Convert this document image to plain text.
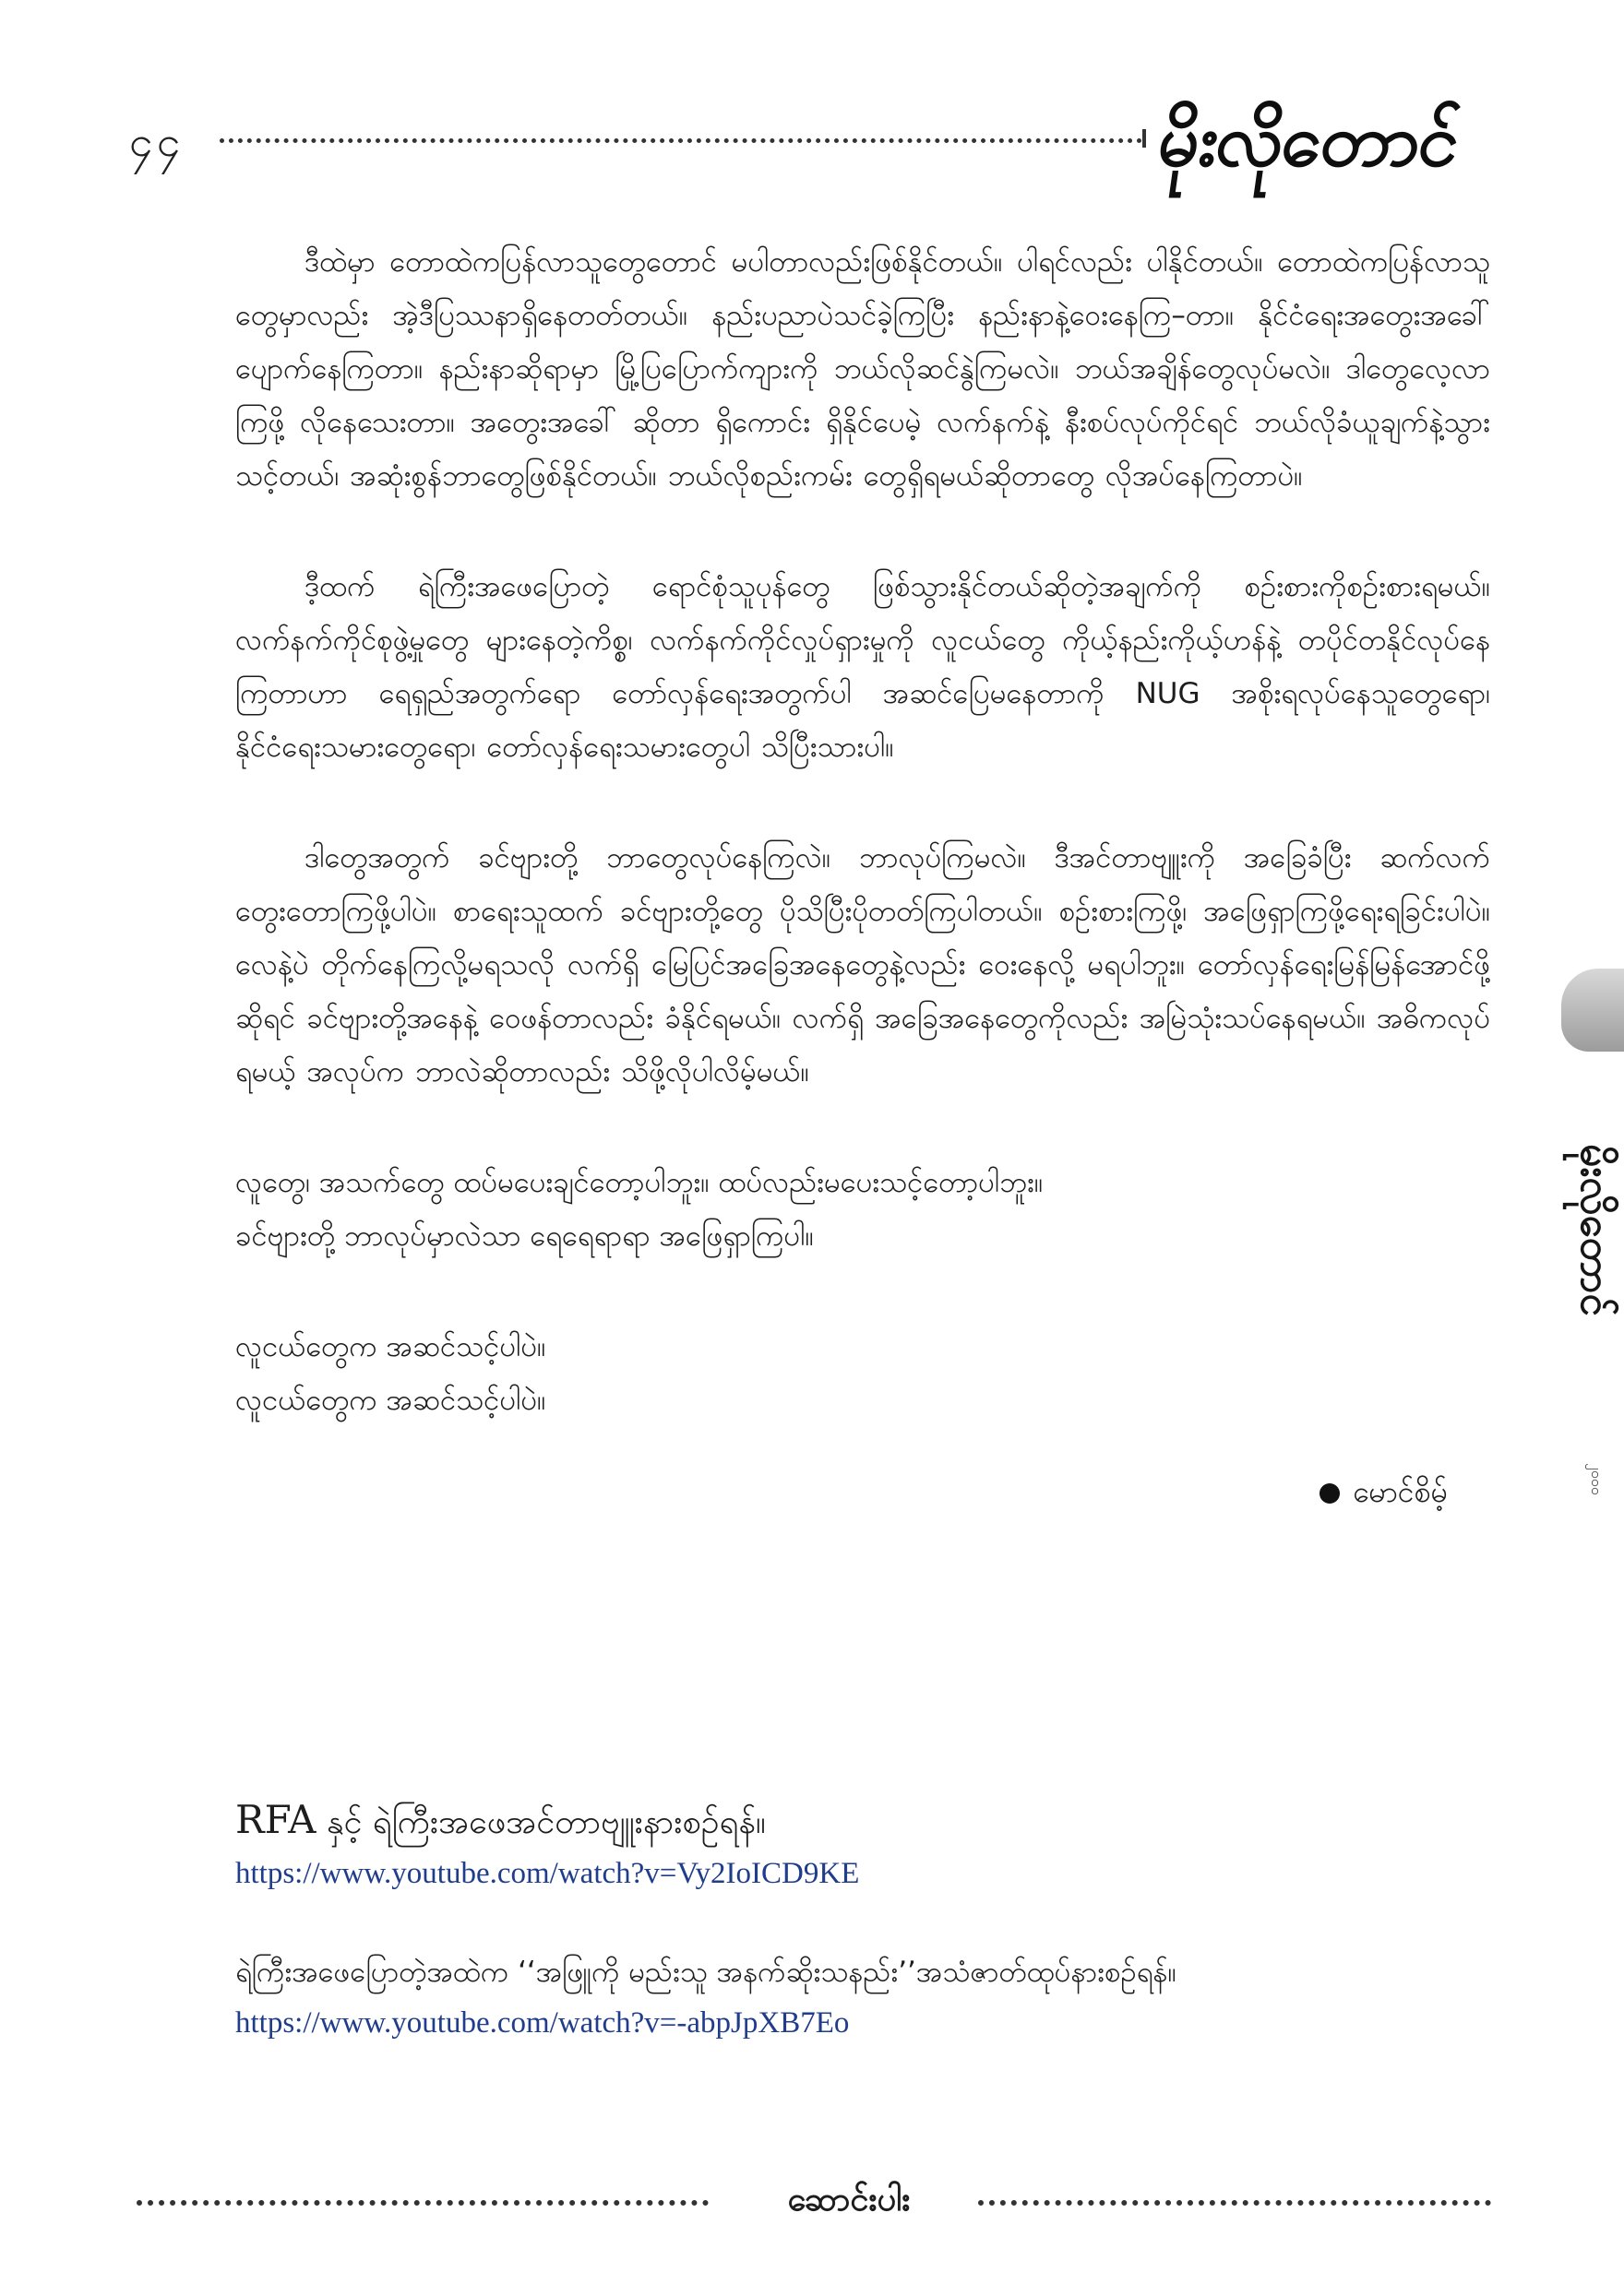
၄၄	မိုးလိုတောင်

ဒီထဲမှာ တောထဲကပြန်လာသူတွေတောင် မပါတာလည်းဖြစ်နိုင်တယ်။ ပါရင်လည်း ပါနိုင်တယ်။ တောထဲကပြန်လာသူတွေမှာလည်း အဲ့ဒီပြဿနာရှိနေတတ်တယ်။ နည်းပညာပဲသင်ခဲ့ကြပြီး နည်းနာနဲ့ဝေးနေကြ–တာ။ နိုင်ငံရေးအတွေးအခေါ် ပျောက်နေကြတာ။ နည်းနာဆိုရာမှာ မြို့ပြပြောက်ကျားကို ဘယ်လိုဆင်နွဲကြမလဲ။ ဘယ်အချိန်တွေလုပ်မလဲ။ ဒါတွေလေ့လာကြဖို့ လိုနေသေးတာ။ အတွေးအခေါ် ဆိုတာ ရှိကောင်း ရှိနိုင်ပေမဲ့ လက်နက်နဲ့ နီးစပ်လုပ်ကိုင်ရင် ဘယ်လိုခံယူချက်နဲ့သွားသင့်တယ်၊ အဆုံးစွန်ဘာတွေဖြစ်နိုင်တယ်။ ဘယ်လိုစည်းကမ်း တွေရှိရမယ်ဆိုတာတွေ လိုအပ်နေကြတာပဲ။

ဒီ့ထက် ရဲကြီးအဖေပြောတဲ့ ရောင်စုံသူပုန်တွေ ဖြစ်သွားနိုင်တယ်ဆိုတဲ့အချက်ကို စဉ်းစားကိုစဉ်းစားရမယ်။ လက်နက်ကိုင်စုဖွဲ့မှုတွေ များနေတဲ့ကိစ္စ၊ လက်နက်ကိုင်လှုပ်ရှားမှုကို လူငယ်တွေ ကိုယ့်နည်းကိုယ့်ဟန်နဲ့ တပိုင်တနိုင်လုပ်နေကြတာဟာ ရေရှည်အတွက်ရော တော်လှန်ရေးအတွက်ပါ အဆင်ပြေမနေတာကို NUG အစိုးရလုပ်နေသူတွေရော၊ နိုင်ငံရေးသမားတွေရော၊ တော်လှန်ရေးသမားတွေပါ သိပြီးသားပါ။

ဒါတွေအတွက် ခင်ဗျားတို့ ဘာတွေလုပ်နေကြလဲ။ ဘာလုပ်ကြမလဲ။ ဒီအင်တာဗျူးကို အခြေခံပြီး ဆက်လက် တွေးတောကြဖို့ပါပဲ။ စာရေးသူထက် ခင်ဗျားတို့တွေ ပိုသိပြီးပိုတတ်ကြပါတယ်။ စဉ်းစားကြဖို့၊ အဖြေရှာကြဖို့ရေးရခြင်းပါပဲ။ လေနဲ့ပဲ တိုက်နေကြလို့မရသလို လက်ရှိ မြေပြင်အခြေအနေတွေနဲ့လည်း ဝေးနေလို့ မရပါဘူး။ တော်လှန်ရေးမြန်မြန်အောင်ဖို့ဆိုရင် ခင်ဗျားတို့အနေနဲ့ ဝေဖန်တာလည်း ခံနိုင်ရမယ်။ လက်ရှိ အခြေအနေတွေကိုလည်း အမြဲသုံးသပ်နေရမယ်။ အဓိကလုပ်ရမယ့် အလုပ်က ဘာလဲဆိုတာလည်း သိဖို့လိုပါလိမ့်မယ်။

လူတွေ၊ အသက်တွေ ထပ်မပေးချင်တော့ပါဘူး။ ထပ်လည်းမပေးသင့်တော့ပါဘူး။
ခင်ဗျားတို့ ဘာလုပ်မှာလဲသာ ရေရေရာရာ အဖြေရှာကြပါ။
လူငယ်တွေက အဆင်သင့်ပါပဲ။
လူငယ်တွေက အဆင်သင့်ပါပဲ။
မောင်စိမ့်
RFA နှင့် ရဲကြီးအဖေအင်တာဗျူးနားစဉ်ရန်။
https://www.youtube.com/watch?v=Vy2IoICD9KE
ရဲကြီးအဖေပြောတဲ့အထဲက ‘‘အဖြူကို မည်းသူ အနက်ဆိုးသနည်း’’အသံဇာတ်ထုပ်နားစဉ်ရန်။
https://www.youtube.com/watch?v=-abpJpXB7Eo
ဆောင်းပါး
မိုးလိုတောင်
၂၀၀၀
